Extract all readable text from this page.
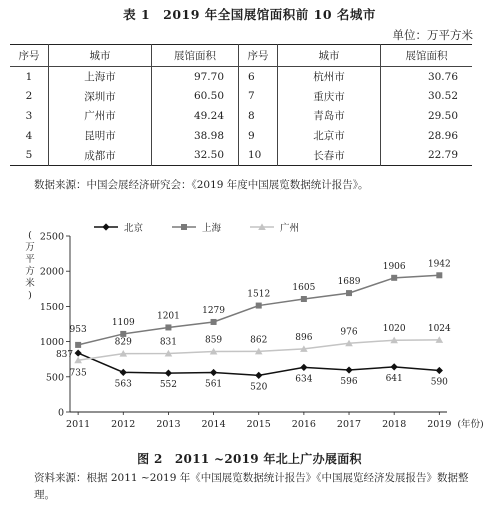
表 1　2019 年全国展馆面积前 10 名城市
单位：万平方米
序号	城市	展馆面积	序号	城市	展馆面积
1	上海市	97.70	6	杭州市	30.76
2	深圳市	60.50	7	重庆市	30.52
3	广州市	49.24	8	青岛市	29.50
4	昆明市	38.98	9	北京市	28.96
5	成都市	32.50	10	长春市	22.79
数据来源：中国会展经济研究会：《2019 年度中国展览数据统计报告》。
0
500
1000
1500
2000
2500
2011 2012 2013 2014 2015 2016 2017 2018 2019 (年份)
(万平方米)
北京	上海	广州
837
563	552	561	520
634	596	641	590
953
1109
1201
1279
1512
1605
1689
1906 1942
735
829	831	859	862	896
976	1020 1024
图 2　2011 ~2019 年北上广办展面积
资料来源：根据 2011 ~2019 年《中国展览数据统计报告》《中国展览经济发展报告》数据整理。
